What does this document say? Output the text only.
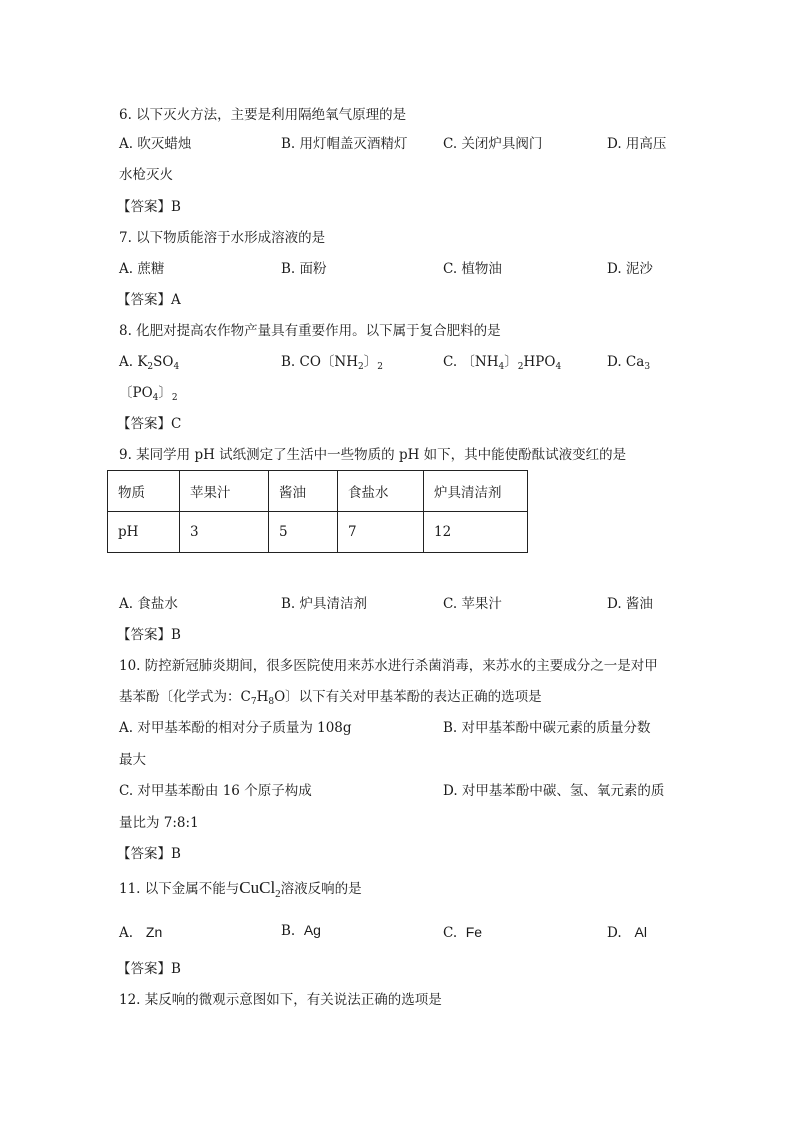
6. 以下灭火方法，主要是利用隔绝氧气原理的是
A. 吹灭蜡烛	B. 用灯帽盖灭酒精灯	C. 关闭炉具阀门	D. 用高压
水枪灭火
【答案】B
7. 以下物质能溶于水形成溶液的是
A. 蔗糖	B. 面粉	C. 植物油	D. 泥沙
【答案】A
8. 化肥对提高农作物产量具有重要作用。以下属于复合肥料的是
A. $K_2SO_4$	B. CO〔$NH_2$〕$_2$	C. 〔$NH_4$〕$_2HPO_4$	D. $Ca_3$
〔$PO_4$〕$_2$
【答案】C
9. 某同学用 pH 试纸测定了生活中一些物质的 pH 如下，其中能使酚酞试液变红的是
物质	苹果汁	酱油	食盐水	炉具清洁剂
pH	3	5	7	12
A. 食盐水	B. 炉具清洁剂	C. 苹果汁	D. 酱油
【答案】B
10. 防控新冠肺炎期间，很多医院使用来苏水进行杀菌消毒，来苏水的主要成分之一是对甲
基苯酚〔化学式为：$C_7H_8O$〕以下有关对甲基苯酚的表达正确的选项是
A. 对甲基苯酚的相对分子质量为 108g	B. 对甲基苯酚中碳元素的质量分数
最大
C. 对甲基苯酚由 16 个原子构成	D. 对甲基苯酚中碳、氢、氧元素的质
量比为 7:8:1
【答案】B
11. 以下金属不能与CuCl$_2$溶液反响的是
A. Zn	B. Ag	C. Fe	D. Al
【答案】B
12. 某反响的微观示意图如下，有关说法正确的选项是
